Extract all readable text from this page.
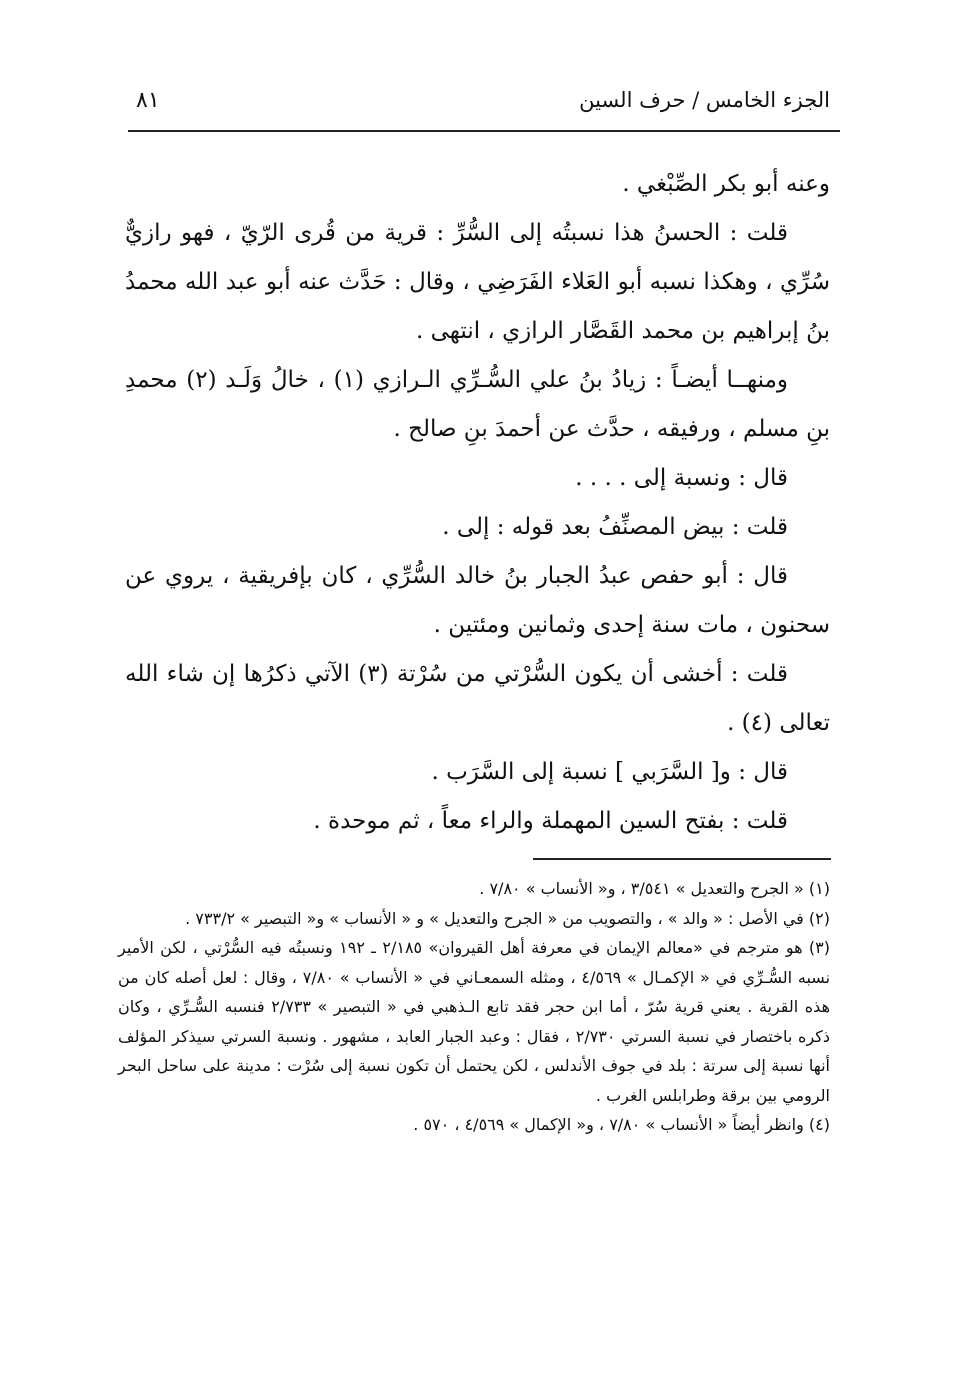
الجزء الخامس / حرف السين
٨١

وعنه أبو بكر الصِّبْغي .

قلت : الحسنُ هذا نسبتُه إلى السُّرِّ : قرية من قُرى الرّيّ ، فهو رازيٌّ سُرِّي ، وهكذا نسبه أبو العَلاء الفَرَضِي ، وقال : حَدَّث عنه أبو عبد الله محمدُ بنُ إبراهيم بن محمد القَصَّار الرازي ، انتهى .

ومنهــا أيضـاً : زيادُ بنُ علي السُّـرِّي الـرازي (١) ، خالُ وَلَـد (٢) محمدِ بنِ مسلم ، ورفيقه ، حدَّث عن أحمدَ بنِ صالح .

قال : ونسبة إلى . . . .

قلت : بيض المصنِّفُ بعد قوله : إلى .

قال : أبو حفص عبدُ الجبار بنُ خالد السُّرِّي ، كان بإفريقية ، يروي عن سحنون ، مات سنة إحدى وثمانين ومئتين .

قلت : أخشى أن يكون السُّرْتي من سُرْتة (٣) الآتي ذكرُها إن شاء الله تعالى (٤) .

قال : و[ السَّرَبي ] نسبة إلى السَّرَب .

قلت : بفتح السين المهملة والراء معاً ، ثم موحدة .

(١) « الجرح والتعديل » ٣/٥٤١ ، و« الأنساب » ٧/٨٠ .

(٢) في الأصل : « والد » ، والتصويب من « الجرح والتعديل » و « الأنساب » و« التبصير » ٧٣٣/٢ .

(٣) هو مترجم في «معالم الإيمان في معرفة أهل القيروان» ٢/١٨٥ ـ ١٩٢ ونسبتُه فيه السُّرْتي ، لكن الأمير نسبه السُّـرِّي في « الإكمـال » ٤/٥٦٩ ، ومثله السمعـاني في « الأنساب » ٧/٨٠ ، وقال : لعل أصله كان من هذه القرية . يعني قرية سُرّ ، أما ابن حجر فقد تابع الـذهبي في « التبصير » ٢/٧٣٣ فنسبه السُّـرِّي ، وكان ذكره باختصار في نسبة السرتي ٢/٧٣٠ ، فقال : وعبد الجبار العابد ، مشهور . ونسبة السرتي سيذكر المؤلف أنها نسبة إلى سرتة : بلد في جوف الأندلس ، لكن يحتمل أن تكون نسبة إلى سُرْت : مدينة على ساحل البحر الرومي بين برقة وطرابلس الغرب .

(٤) وانظر أيضاً « الأنساب » ٧/٨٠ ، و« الإكمال » ٤/٥٦٩ ، ٥٧٠ .
